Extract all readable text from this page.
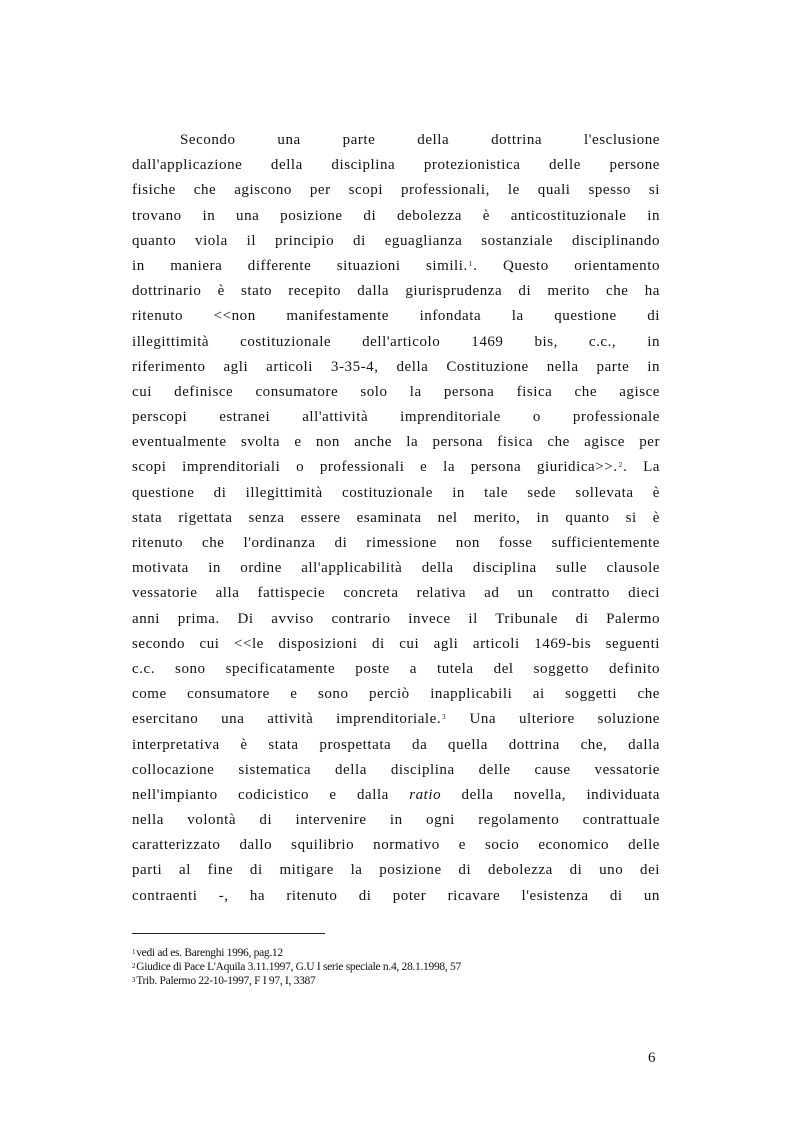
Secondo una parte della dottrina l'esclusione
dall'applicazione della disciplina protezionistica delle persone
fisiche che agiscono per scopi professionali, le quali spesso si
trovano in una posizione di debolezza è anticostituzionale in
quanto viola il principio di eguaglianza sostanziale disciplinando
in maniera differente situazioni simili.$^1$. Questo orientamento
dottrinario è stato recepito dalla giurisprudenza di merito che ha
ritenuto <<non manifestamente infondata la questione di
illegittimità costituzionale dell'articolo 1469 bis, c.c., in
riferimento agli articoli 3-35-4, della Costituzione nella parte in
cui definisce consumatore solo la persona fisica che agisce
perscopi estranei all'attività imprenditoriale o professionale
eventualmente svolta e non anche la persona fisica che agisce per
scopi imprenditoriali o professionali e la persona giuridica>>.$^2$. La
questione di illegittimità costituzionale in tale sede sollevata è
stata rigettata senza essere esaminata nel merito, in quanto si è
ritenuto che l'ordinanza di rimessione non fosse sufficientemente
motivata in ordine all'applicabilità della disciplina sulle clausole
vessatorie alla fattispecie concreta relativa ad un contratto dieci
anni prima. Di avviso contrario invece il Tribunale di Palermo
secondo cui <<le disposizioni di cui agli articoli 1469-bis seguenti
c.c. sono specificatamente poste a tutela del soggetto definito
come consumatore e sono perciò inapplicabili ai soggetti che
esercitano una attività imprenditoriale.$^3$ Una ulteriore soluzione
interpretativa è stata prospettata da quella dottrina che, dalla
collocazione sistematica della disciplina delle cause vessatorie
nell'impianto codicistico e dalla ratio della novella, individuata
nella volontà di intervenire in ogni regolamento contrattuale
caratterizzato dallo squilibrio normativo e socio economico delle
parti al fine di mitigare la posizione di debolezza di uno dei
contraenti -, ha ritenuto di poter ricavare l'esistenza di un
$^1$vedi ad es. Barenghi 1996, pag.12
$^2$Giudice di Pace L'Aquila 3.11.1997, G.U I serie speciale n.4, 28.1.1998, 57
$^3$Trib. Palermo 22-10-1997, F I 97, I, 3387
6
